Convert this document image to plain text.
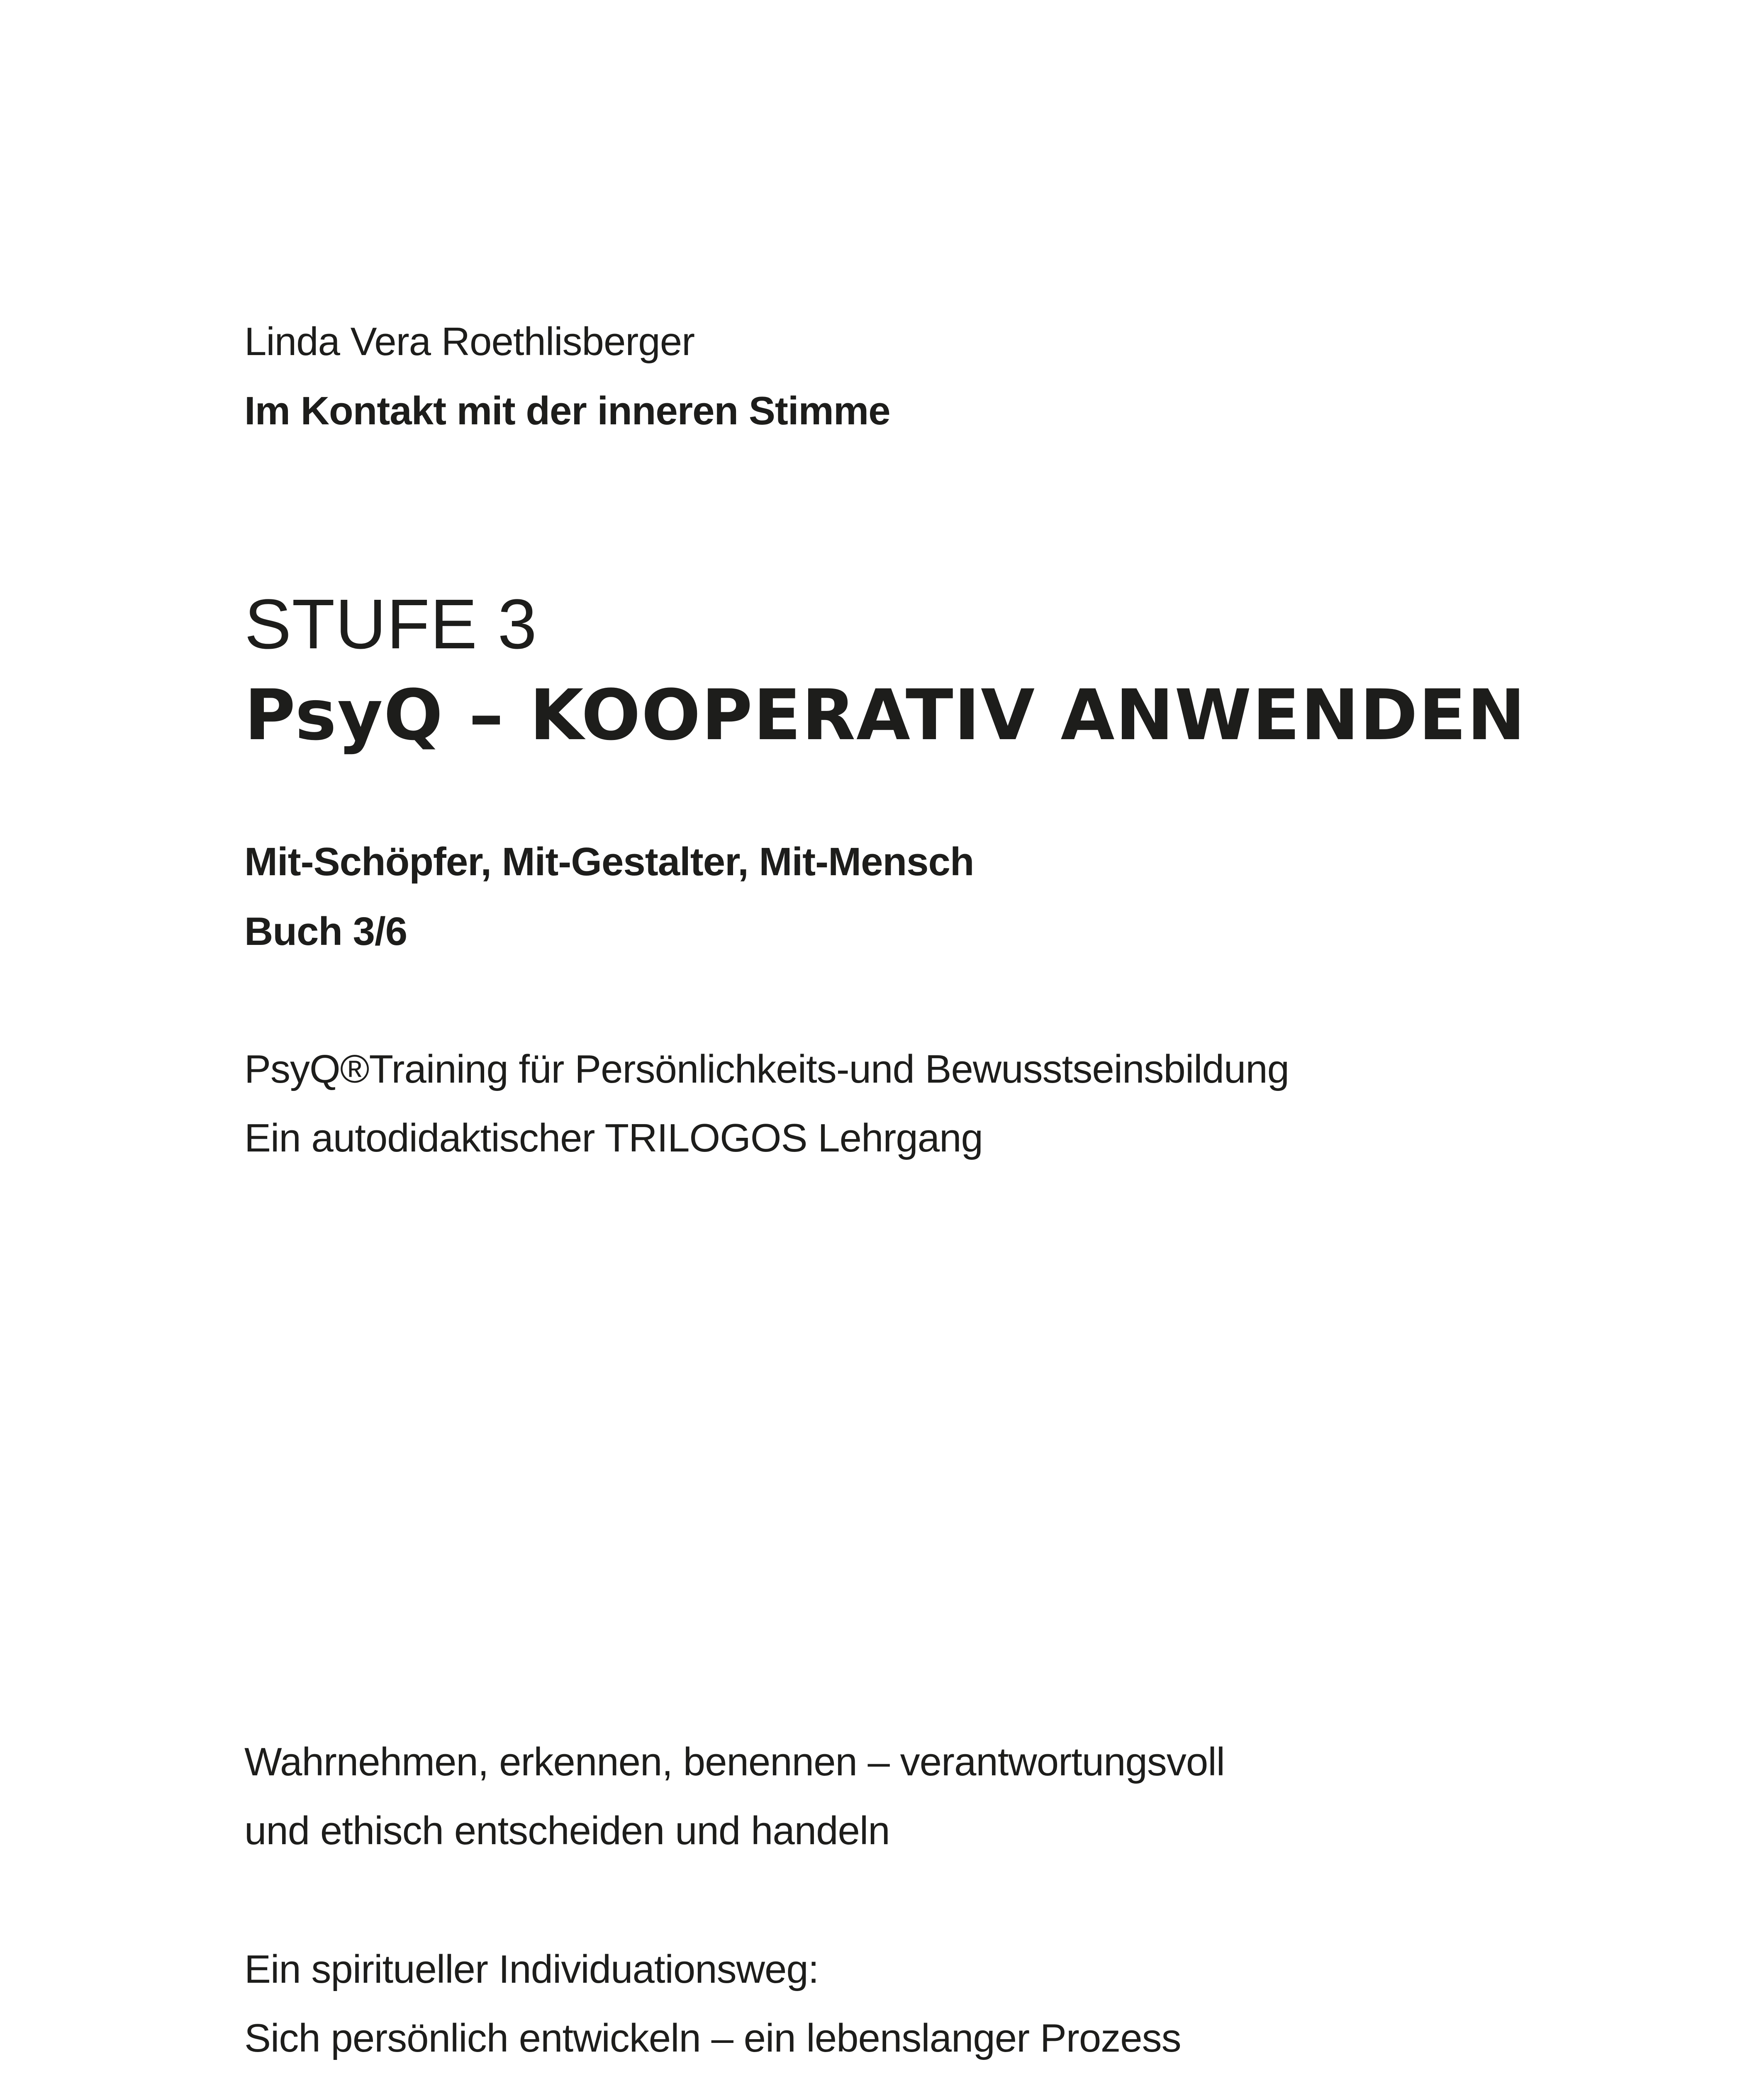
Linda Vera Roethlisberger

Im Kontakt mit der inneren Stimme

STUFE 3

PsyQ – KOOPERATIV ANWENDEN

Mit-Schöpfer, Mit-Gestalter, Mit-Mensch

Buch 3/6

PsyQ®Training für Persönlichkeits-und Bewusstseinsbildung

Ein autodidaktischer TRILOGOS Lehrgang

Wahrnehmen, erkennen, benennen – verantwortungsvoll

und ethisch entscheiden und handeln

Ein spiritueller Individuationsweg:

Sich persönlich entwickeln – ein lebenslanger Prozess
